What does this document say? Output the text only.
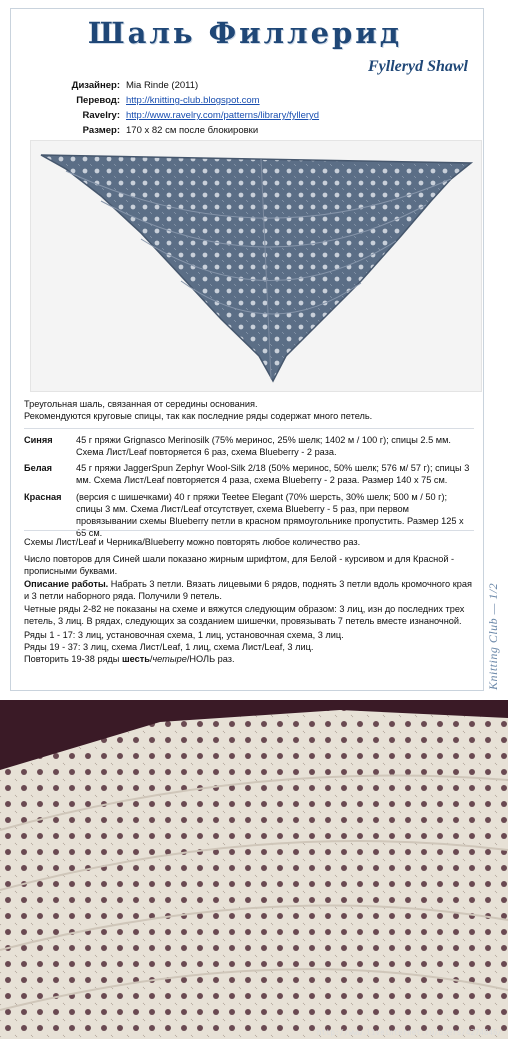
Шаль Филлерид
Fylleryd Shawl
Дизайнер: Mia Rinde (2011)
Перевод: http://knitting-club.blogspot.com
Ravelry: http://www.ravelry.com/patterns/library/fylleryd
Размер: 170 х 82 см после блокировки
Треугольная шаль, связанная от середины основания.
Рекомендуются круговые спицы, так как последние ряды содержат много петель.
Синяя	45 г пряжи Grignasco Merinosilk (75% меринос, 25% шелк; 1402 м / 100 г); спицы 2.5 мм. Схема Лист/Leaf повторяется 6 раз, схема Blueberry - 2 раза.
Белая	45 г пряжи JaggerSpun Zephyr Wool-Silk 2/18 (50% меринос, 50% шелк; 576 м/ 57 г); спицы 3 мм. Схема Лист/Leaf повторяется 4 раза, схема Blueberry - 2 раза. Размер 140 х 75 см.
Красная	(версия с шишечками) 40 г пряжи Teetee Elegant (70% шерсть, 30% шелк; 500 м / 50 г); спицы 3 мм. Схема Лист/Leaf отсутствует, схема Blueberry - 5 раз, при первом провязывании схемы Blueberry петли в красном прямоугольнике пропустить. Размер 125 х 65 см.
Схемы Лист/Leaf и Черника/Blueberry можно повторять любое количество раз.
Число повторов для Синей шали показано жирным шрифтом, для Белой - курсивом и для Красной - прописными буквами.
Описание работы. Набрать 3 петли. Вязать лицевыми 6 рядов, поднять 3 петли вдоль кромочного края и 3 петли наборного ряда. Получили 9 петель.
Четные ряды 2-82 не показаны на схеме и вяжутся следующим образом: 3 лиц, изн до последних трех петель, 3 лиц. В рядах, следующих за созданием шишечки, провязывать 7 петель вместе изнаночной.
Ряды 1 - 17: 3 лиц, установочная схема, 1 лиц, установочная схема, 3 лиц.
Ряды 19 - 37: 3 лиц, схема Лист/Leaf, 1 лиц, схема Лист/Leaf, 3 лиц.
Повторить 19-38 ряды шесть/четыре/НОЛЬ раз.	Knitting Club — 1/2
http://www.liveinternet.ru/users/4274846/
